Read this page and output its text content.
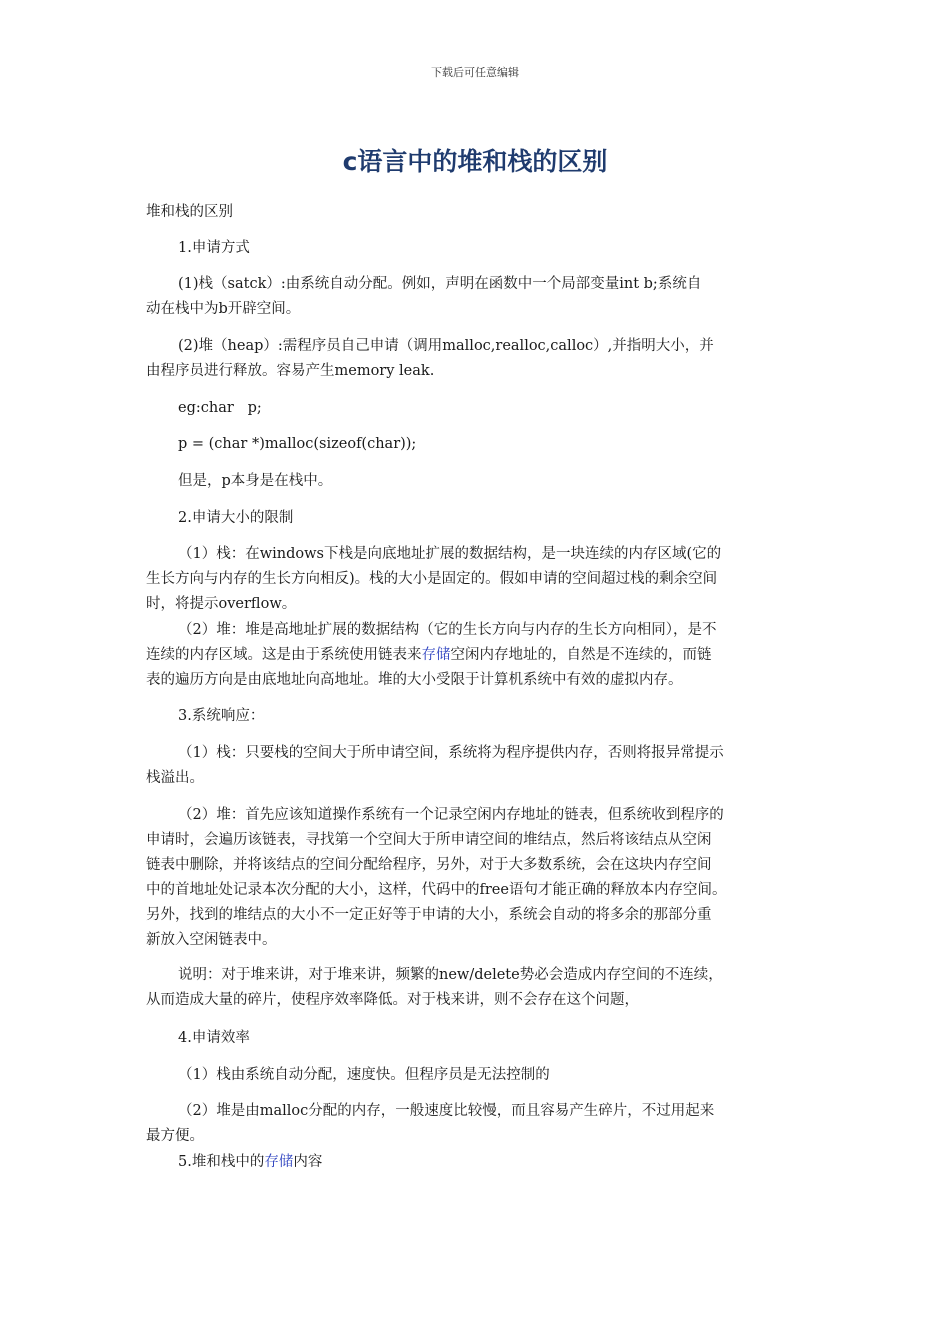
下载后可任意编辑
c语言中的堆和栈的区别
堆和栈的区别
1.申请方式
(1)栈（satck）:由系统自动分配。例如，声明在函数中一个局部变量int b;系统自
动在栈中为b开辟空间。
(2)堆（heap）:需程序员自己申请（调用malloc,realloc,calloc）,并指明大小，并
由程序员进行释放。容易产生memory leak.
eg:char   p;
p = (char *)malloc(sizeof(char));
但是，p本身是在栈中。
2.申请大小的限制
（1）栈：在windows下栈是向底地址扩展的数据结构，是一块连续的内存区域(它的
生长方向与内存的生长方向相反)。栈的大小是固定的。假如申请的空间超过栈的剩余空间
时，将提示overflow。
（2）堆：堆是高地址扩展的数据结构（它的生长方向与内存的生长方向相同），是不
连续的内存区域。这是由于系统使用链表来存储空闲内存地址的，自然是不连续的，而链
表的遍历方向是由底地址向高地址。堆的大小受限于计算机系统中有效的虚拟内存。
3.系统响应：
（1）栈：只要栈的空间大于所申请空间，系统将为程序提供内存，否则将报异常提示
栈溢出。
（2）堆：首先应该知道操作系统有一个记录空闲内存地址的链表，但系统收到程序的
申请时，会遍历该链表，寻找第一个空间大于所申请空间的堆结点，然后将该结点从空闲
链表中删除，并将该结点的空间分配给程序，另外，对于大多数系统，会在这块内存空间
中的首地址处记录本次分配的大小，这样，代码中的free语句才能正确的释放本内存空间。
另外，找到的堆结点的大小不一定正好等于申请的大小，系统会自动的将多余的那部分重
新放入空闲链表中。
说明：对于堆来讲，对于堆来讲，频繁的new/delete势必会造成内存空间的不连续，
从而造成大量的碎片，使程序效率降低。对于栈来讲，则不会存在这个问题，
4.申请效率
（1）栈由系统自动分配，速度快。但程序员是无法控制的
（2）堆是由malloc分配的内存，一般速度比较慢，而且容易产生碎片，不过用起来
最方便。
5.堆和栈中的存储内容
